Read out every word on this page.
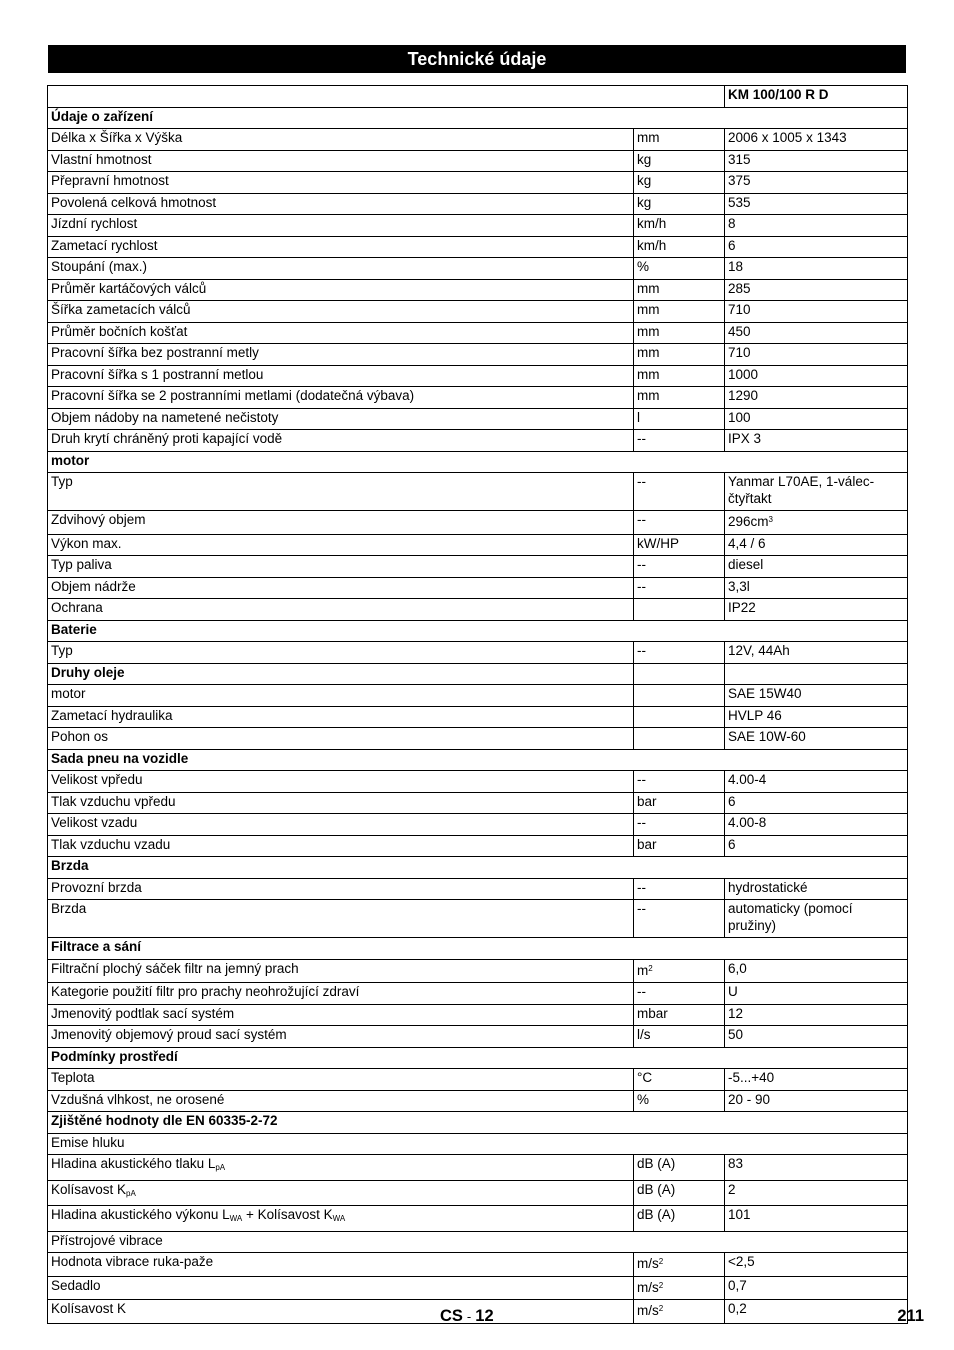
Technické údaje
		KM 100/100 R D
Údaje o zařízení		
Délka x Šířka x Výška	mm	2006 x 1005 x 1343
Vlastní hmotnost	kg	315
Přepravní hmotnost	kg	375
Povolená celková hmotnost	kg	535
Jízdní rychlost	km/h	8
Zametací rychlost	km/h	6
Stoupání (max.)	%	18
Průměr kartáčových válců	mm	285
Šířka zametacích válců	mm	710
Průměr bočních košťat	mm	450
Pracovní šířka bez postranní metly	mm	710
Pracovní šířka s 1 postranní metlou	mm	1000
Pracovní šířka se 2 postranními metlami (dodatečná výbava)	mm	1290
Objem nádoby na nametené nečistoty	l	100
Druh krytí chráněný proti kapající vodě	--	IPX 3
motor		
Typ	--	Yanmar L70AE, 1-válec-čtyřtakt
Zdvihový objem	--	$296cm^3$
Výkon max.	kW/HP	4,4 / 6
Typ paliva	--	diesel
Objem nádrže	--	3,3l
Ochrana		IP22
Baterie		
Typ	--	12V, 44Ah
Druhy oleje		
motor		SAE 15W40
Zametací hydraulika		HVLP 46
Pohon os		SAE 10W-60
Sada pneu na vozidle		
Velikost vpředu	--	4.00-4
Tlak vzduchu vpředu	bar	6
Velikost vzadu	--	4.00-8
Tlak vzduchu vzadu	bar	6
Brzda		
Provozní brzda	--	hydrostatické
Brzda	--	automaticky (pomocí pružiny)
Filtrace a sání		
Filtrační plochý sáček filtr na jemný prach	$m^2$	6,0
Kategorie použití filtr pro prachy neohrožující zdraví	--	U
Jmenovitý podtlak sací systém	mbar	12
Jmenovitý objemový proud sací systém	l/s	50
Podmínky prostředí		
Teplota	°C	-5...+40
Vzdušná vlhkost, ne orosené	%	20 - 90
Zjištěné hodnoty dle EN 60335-2-72		
Emise hluku		
Hladina akustického tlaku $L_{pA}$	dB (A)	83
Kolísavost $K_{pA}$	dB (A)	2
Hladina akustického výkonu $L_{WA}$ + Kolísavost $K_{WA}$	dB (A)	101
Přístrojové vibrace		
Hodnota vibrace ruka-paže	$m/s^2$	<2,5
Sedadlo	$m/s^2$	0,7
Kolísavost K	$m/s^2$	0,2
CS - 12	211
